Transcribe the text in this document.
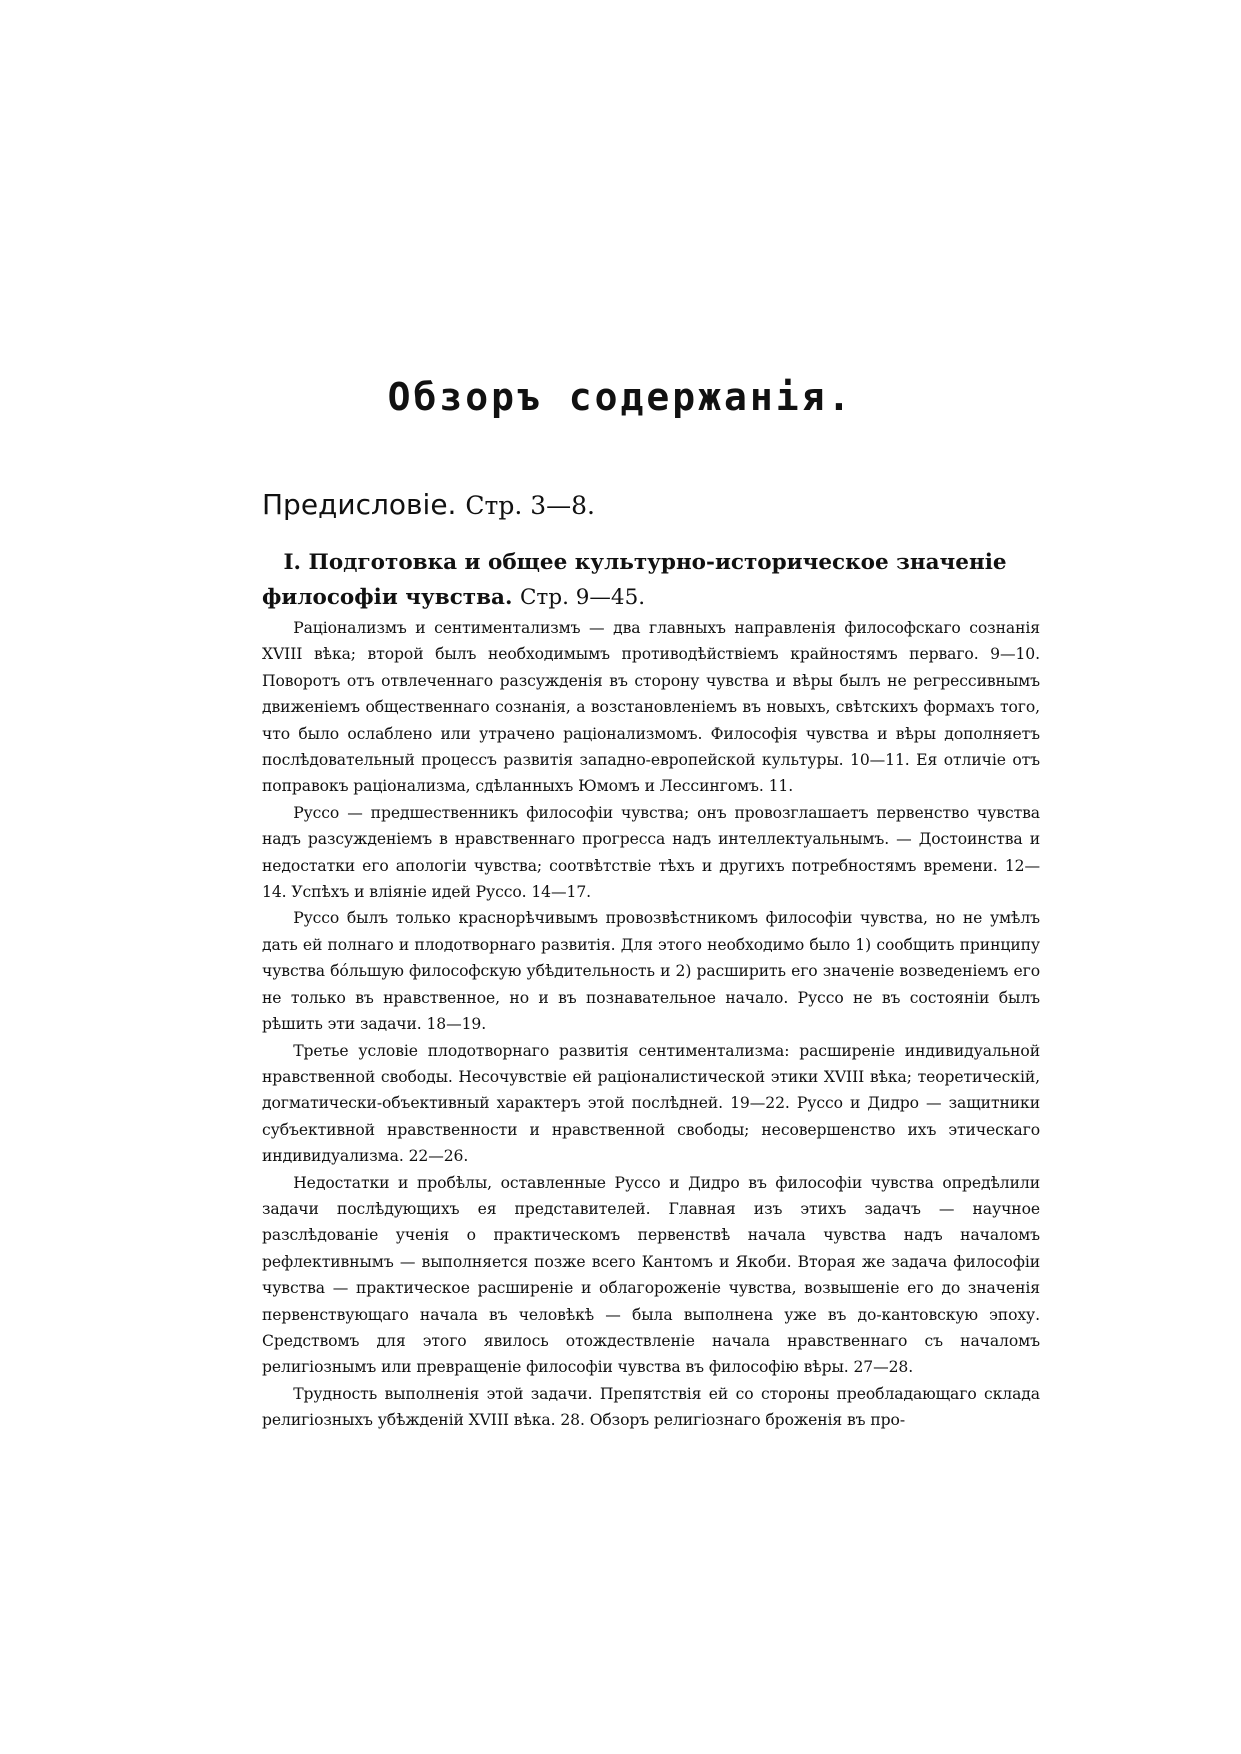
Обзоръ содержанія.

Предисловіе. Стр. 3—8.

I. Подготовка и общее культурно-историческое значеніе философіи чувства. Стр. 9—45.

Раціонализмъ и сентиментализмъ — два главныхъ направленія философскаго сознанія XVIII вѣка; второй былъ необходимымъ противодѣйствіемъ крайностямъ перваго. 9—10. Поворотъ отъ отвлеченнаго разсужденія въ сторону чувства и вѣры былъ не регрессивнымъ движеніемъ общественнаго сознанія, а возстановленіемъ въ новыхъ, свѣтскихъ формахъ того, что было ослаблено или утрачено раціонализмомъ. Философія чувства и вѣры дополняетъ послѣдовательный процессъ развитія западно-европейской культуры. 10—11. Ея отличіе отъ поправокъ раціонализма, сдѣланныхъ Юмомъ и Лессингомъ. 11.

Руссо — предшественникъ философіи чувства; онъ провозглашаетъ первенство чувства надъ разсужденіемъ в нравственнаго прогресса надъ интеллектуальнымъ. — Достоинства и недостатки его апологіи чувства; соотвѣтствіе тѣхъ и другихъ потребностямъ времени. 12—14. Успѣхъ и вліяніе идей Руссо. 14—17.

Руссо былъ только краснорѣчивымъ провозвѣстникомъ философіи чувства, но не умѣлъ дать ей полнаго и плодотворнаго развитія. Для этого необходимо было 1) сообщить принципу чувства бóльшую философскую убѣдительность и 2) расширить его значеніе возведеніемъ его не только въ нравственное, но и въ познавательное начало. Руссо не въ состояніи былъ рѣшить эти задачи. 18—19.

Третье условіе плодотворнаго развитія сентиментализма: расширеніе индивидуальной нравственной свободы. Несочувствіе ей раціоналистической этики XVIII вѣка; теоретическій, догматически-объективный характеръ этой послѣдней. 19—22. Руссо и Дидро — защитники субъективной нравственности и нравственной свободы; несовершенство ихъ этическаго индивидуализма. 22—26.

Недостатки и пробѣлы, оставленные Руссо и Дидро въ философіи чувства опредѣлили задачи послѣдующихъ ея представителей. Главная изъ этихъ задачъ — научное разслѣдованіе ученія о практическомъ первенствѣ начала чувства надъ началомъ рефлективнымъ — выполняется позже всего Кантомъ и Якоби. Вторая же задача философіи чувства — практическое расширеніе и облагороженіе чувства, возвышеніе его до значенія первенствующаго начала въ человѣкѣ — была выполнена уже въ до-кантовскую эпоху. Средствомъ для этого явилось отождествленіе начала нравственнаго съ началомъ религіознымъ или превращеніе философіи чувства въ философію вѣры. 27—28.

Трудность выполненія этой задачи. Препятствія ей со стороны преобладающаго склада религіозныхъ убѣжденій XVIII вѣка. 28. Обзоръ религіознаго броженія въ про-
